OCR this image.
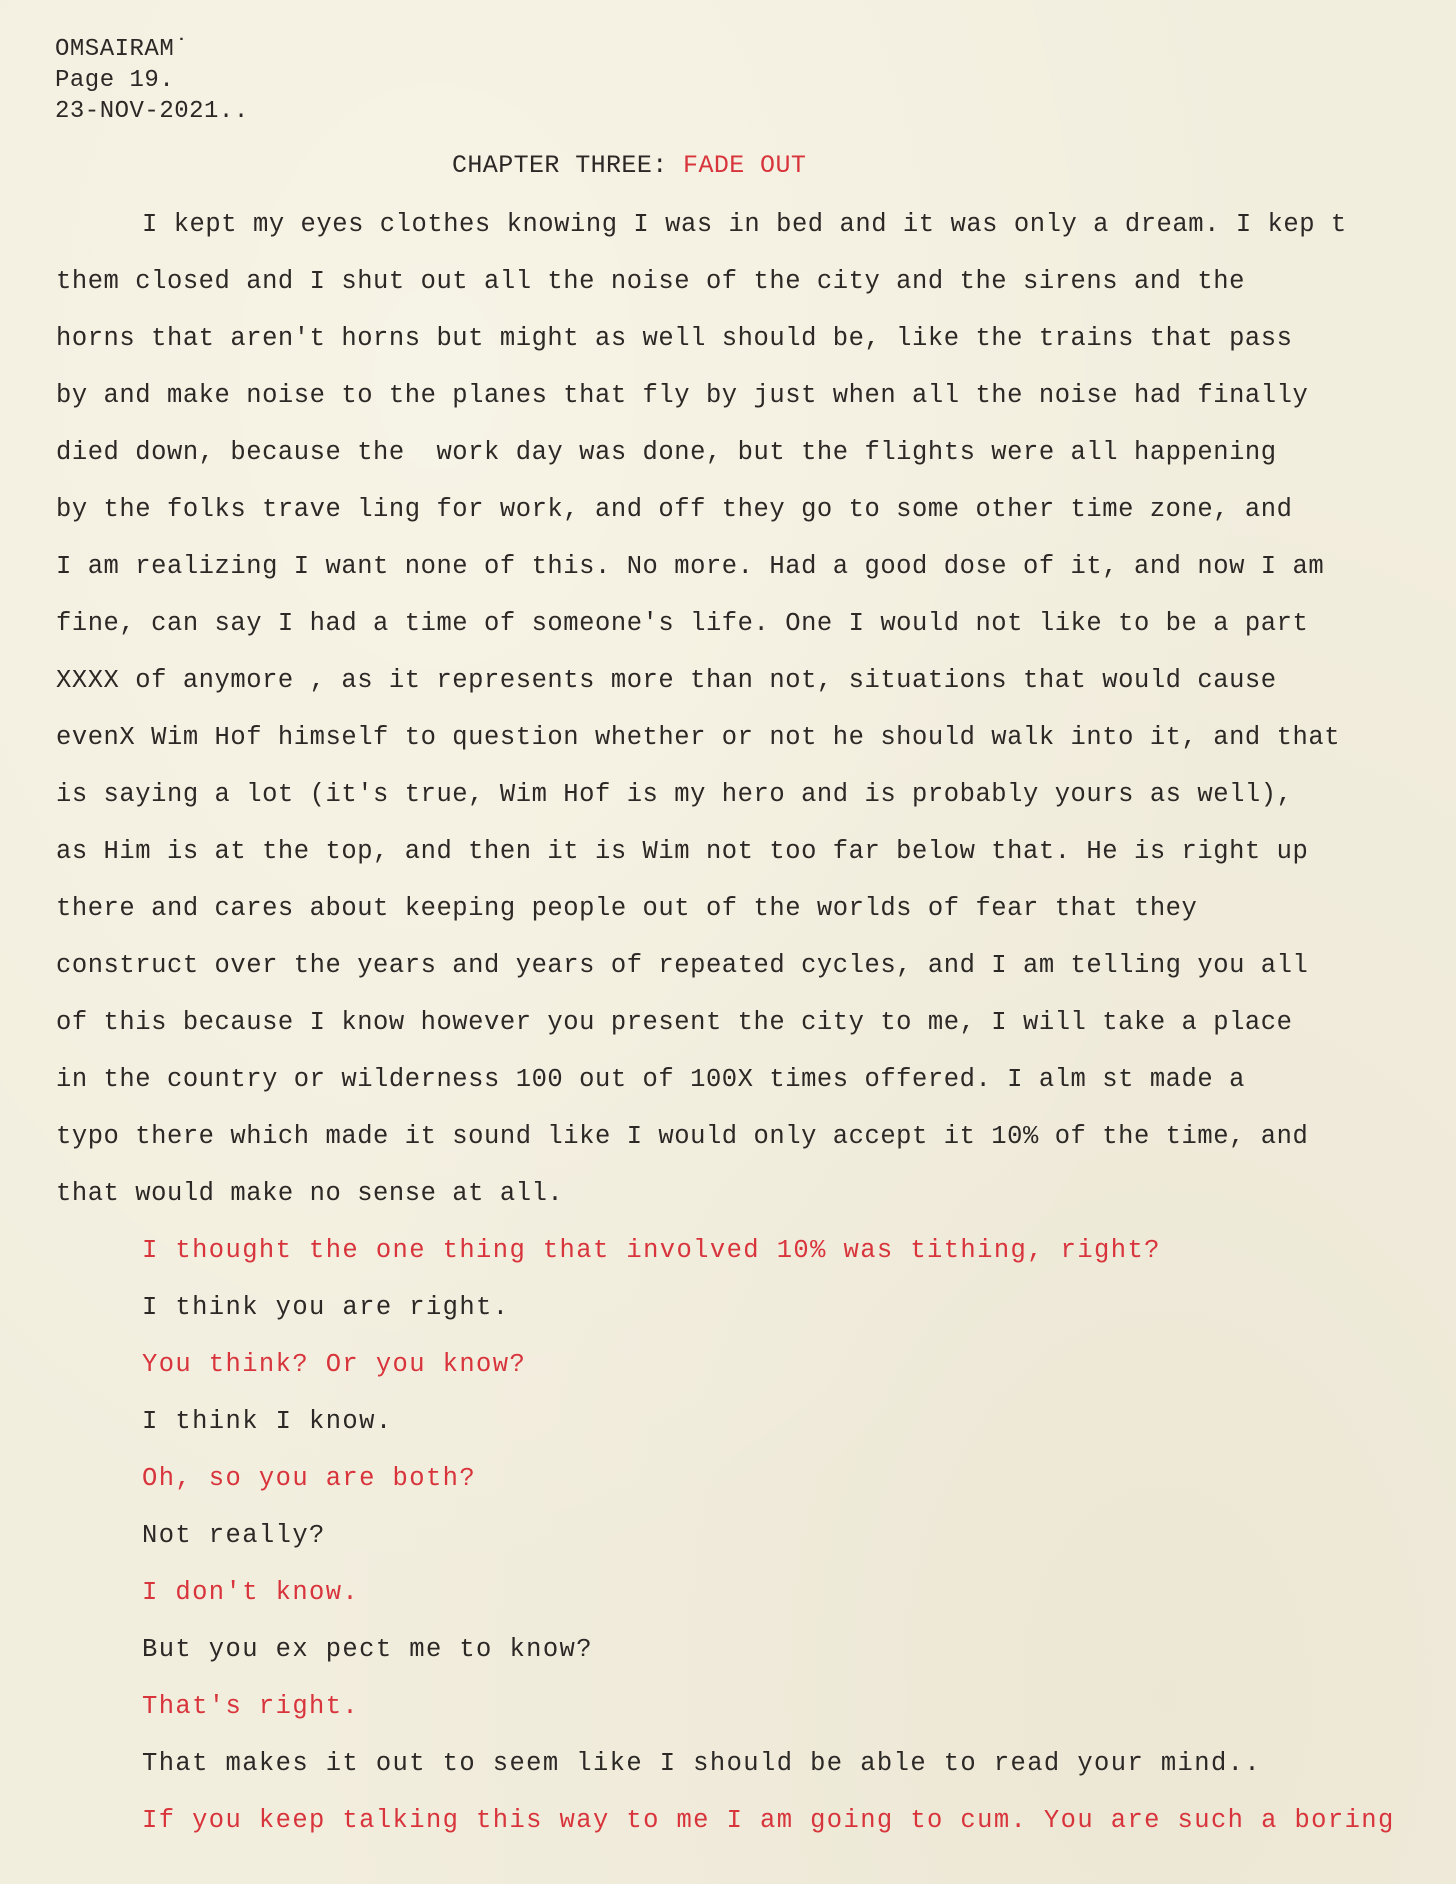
OMSAIRAM˙
Page 19.
23-NOV-2021..
CHAPTER THREE: FADE OUT
I kept my eyes clothes knowing I was in bed and it was only a dream. I kep t
them closed and I shut out all the noise of the city and the sirens and the
horns that aren't horns but might as well should be, like the trains that pass
by and make noise to the planes that fly by just when all the noise had finally
died down, because the  work day was done, but the flights were all happening
by the folks trave ling for work, and off they go to some other time zone, and
I am realizing I want none of this. No more. Had a good dose of it, and now I am
fine, can say I had a time of someone's life. One I would not like to be a part
XXXX of anymore , as it represents more than not, situations that would cause
evenX Wim Hof himself to question whether or not he should walk into it, and that
is saying a lot (it's true, Wim Hof is my hero and is probably yours as well),
as Him is at the top, and then it is Wim not too far below that. He is right up
there and cares about keeping people out of the worlds of fear that they
construct over the years and years of repeated cycles, and I am telling you all
of this because I know however you present the city to me, I will take a place
in the country or wilderness 100 out of 100X times offered. I alm st made a
typo there which made it sound like I would only accept it 10% of the time, and
that would make no sense at all.
I thought the one thing that involved 10% was tithing, right?
I think you are right.
You think? Or you know?
I think I know.
Oh, so you are both?
Not really?
I don't know.
But you ex pect me to know?
That's right.
That makes it out to seem like I should be able to read your mind..
If you keep talking this way to me I am going to cum. You are such a boring
